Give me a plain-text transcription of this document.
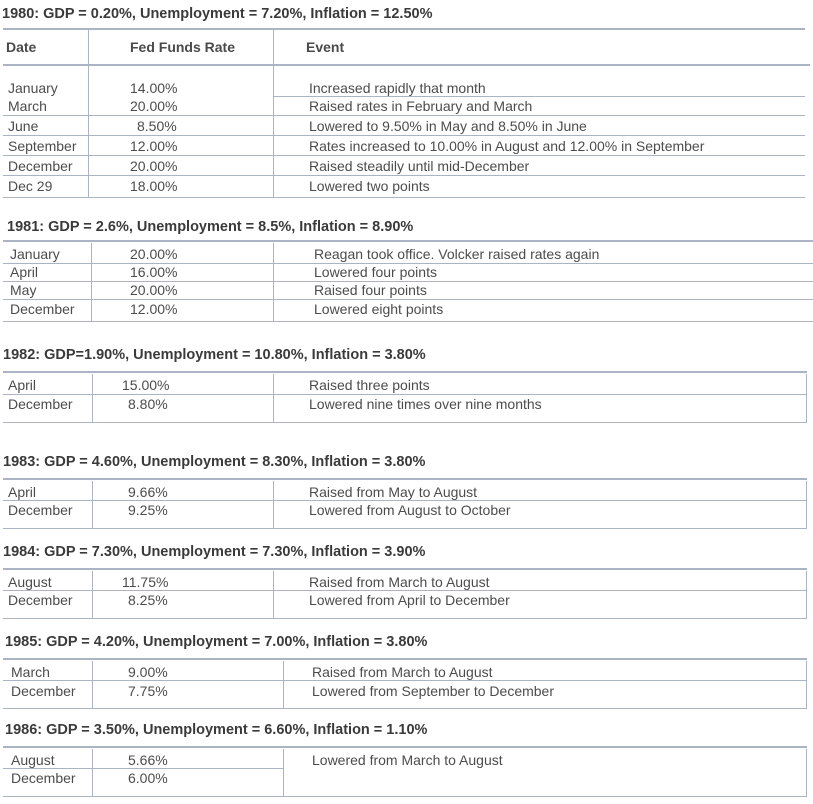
1980: GDP = 0.20%, Unemployment = 7.20%, Inflation = 12.50%
Date	Fed Funds Rate	Event
January	14.00%	Increased rapidly that month
March	20.00%	Raised rates in February and March
June	8.50%	Lowered to 9.50% in May and 8.50% in June
September	12.00%	Rates increased to 10.00% in August and 12.00% in September
December	20.00%	Raised steadily until mid-December
Dec 29	18.00%	Lowered two points
1981: GDP = 2.6%, Unemployment = 8.5%, Inflation = 8.90%
January	20.00%	Reagan took office. Volcker raised rates again
April	16.00%	Lowered four points
May	20.00%	Raised four points
December	12.00%	Lowered eight points
1982: GDP=1.90%, Unemployment = 10.80%, Inflation = 3.80%
April	15.00%	Raised three points
December	8.80%	Lowered nine times over nine months
1983: GDP = 4.60%, Unemployment = 8.30%, Inflation = 3.80%
April	9.66%	Raised from May to August
December	9.25%	Lowered from August to October
1984: GDP = 7.30%, Unemployment = 7.30%, Inflation = 3.90%
August	11.75%	Raised from March to August
December	8.25%	Lowered from April to December
1985: GDP = 4.20%, Unemployment = 7.00%, Inflation = 3.80%
March	9.00%	Raised from March to August
December	7.75%	Lowered from September to December
1986: GDP = 3.50%, Unemployment = 6.60%, Inflation = 1.10%
August	5.66%	Lowered from March to August
December	6.00%
